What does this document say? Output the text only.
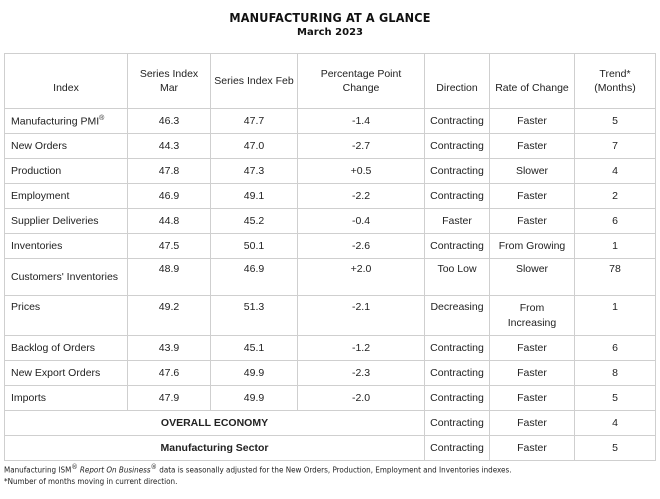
MANUFACTURING AT A GLANCE
March 2023
Index	Series Index Mar	Series Index Feb	Percentage Point Change	Direction	Rate of Change	Trend* (Months)
Manufacturing PMI®	46.3	47.7	-1.4	Contracting	Faster	5
New Orders	44.3	47.0	-2.7	Contracting	Faster	7
Production	47.8	47.3	+0.5	Contracting	Slower	4
Employment	46.9	49.1	-2.2	Contracting	Faster	2
Supplier Deliveries	44.8	45.2	-0.4	Faster	Faster	6
Inventories	47.5	50.1	-2.6	Contracting	From Growing	1
Customers' Inventories	48.9	46.9	+2.0	Too Low	Slower	78
Prices	49.2	51.3	-2.1	Decreasing	From Increasing	1
Backlog of Orders	43.9	45.1	-1.2	Contracting	Faster	6
New Export Orders	47.6	49.9	-2.3	Contracting	Faster	8
Imports	47.9	49.9	-2.0	Contracting	Faster	5
OVERALL ECONOMY				Contracting	Faster	4
Manufacturing Sector				Contracting	Faster	5
Manufacturing ISM® Report On Business® data is seasonally adjusted for the New Orders, Production, Employment and Inventories indexes.
*Number of months moving in current direction.
